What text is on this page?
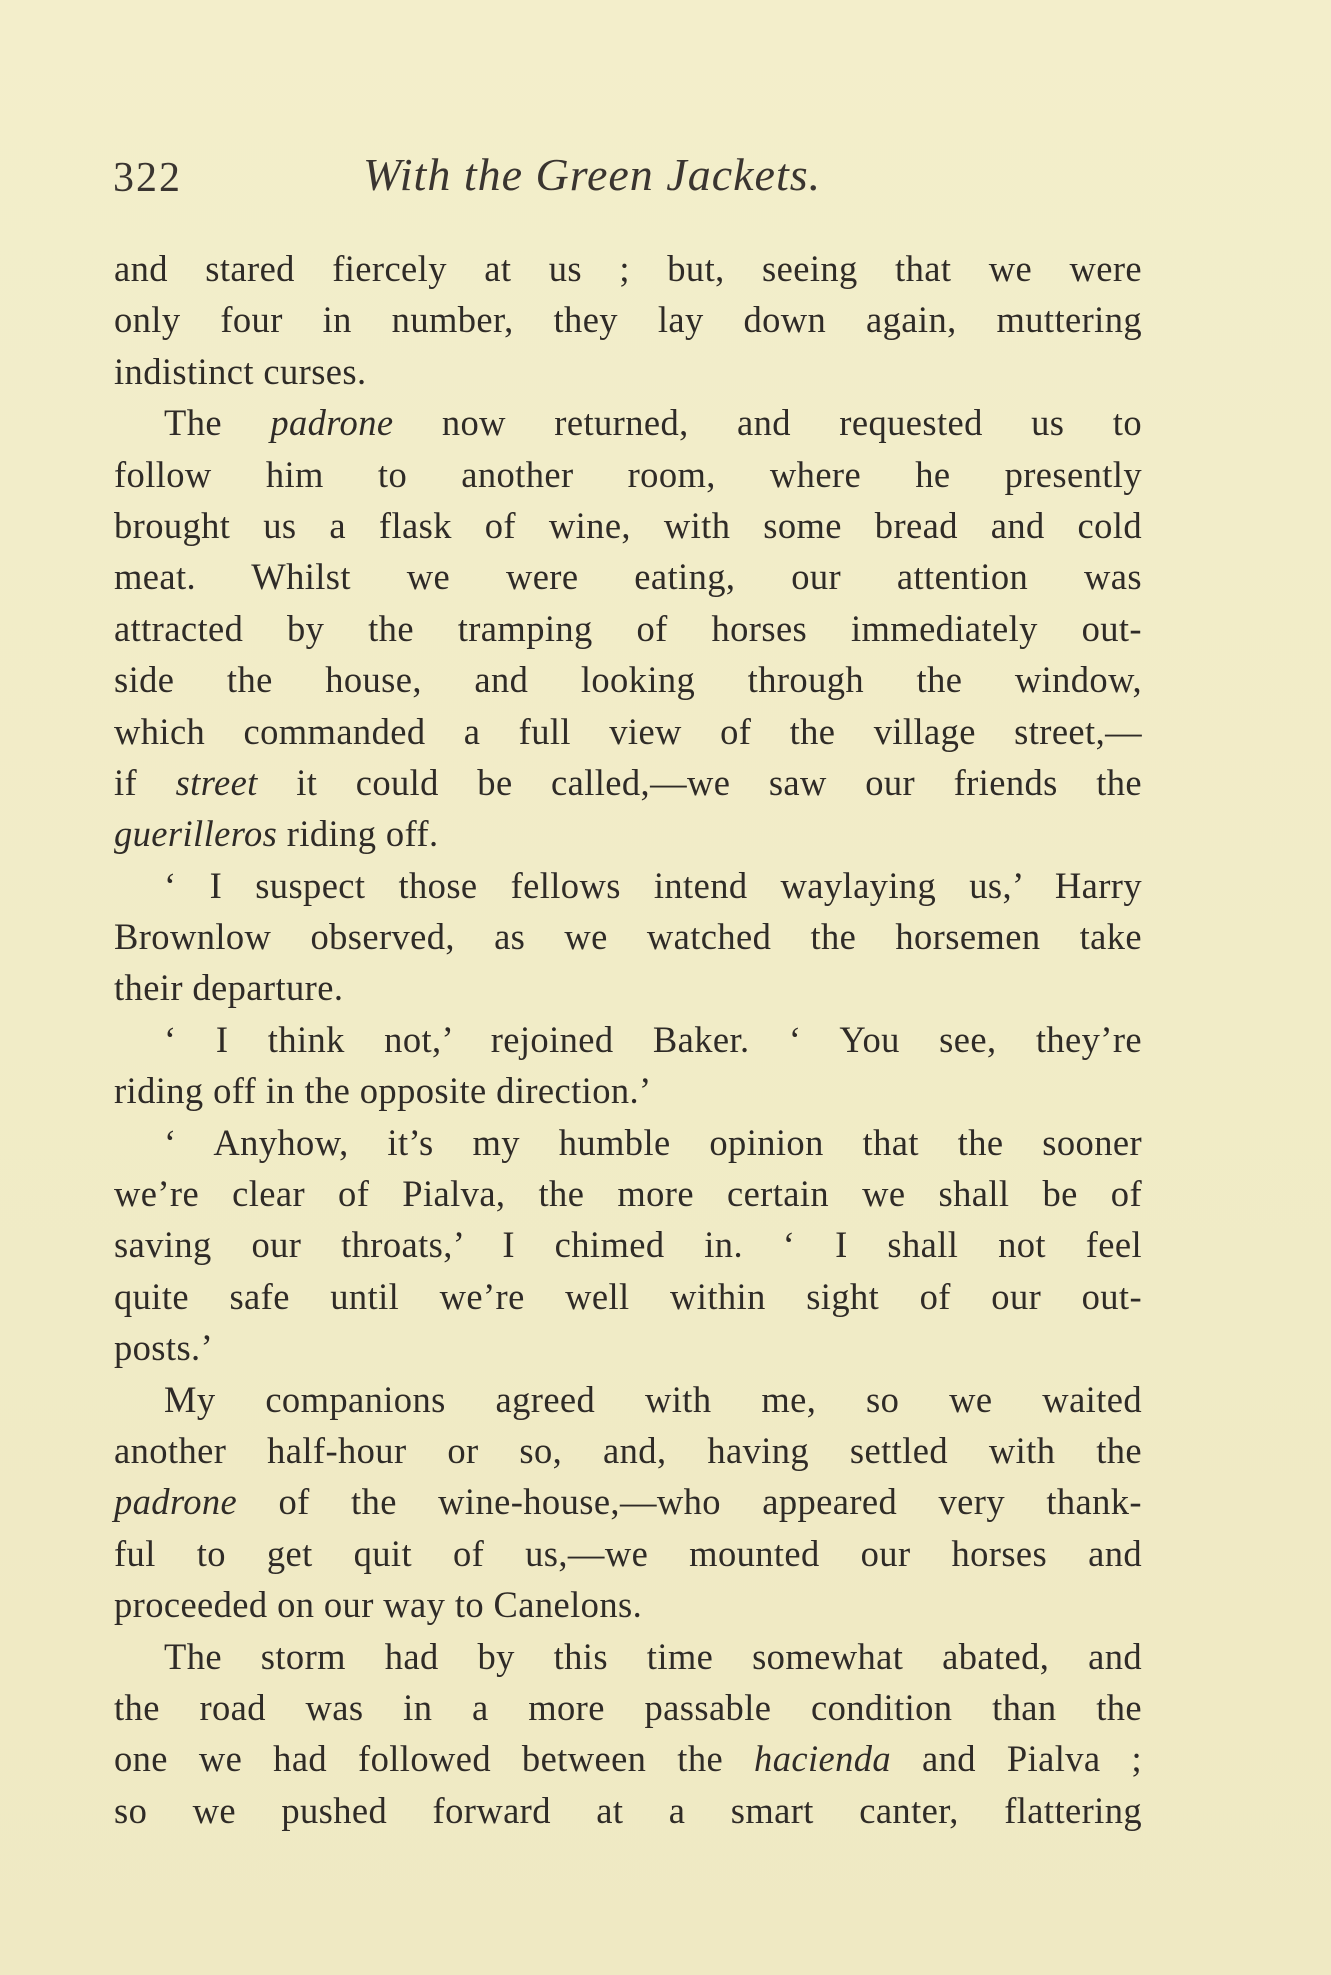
322	With the Green Jackets.
and stared fiercely at us ; but, seeing that we were
only four in number, they lay down again, muttering
indistinct curses.
The padrone now returned, and requested us to
follow him to another room, where he presently
brought us a flask of wine, with some bread and cold
meat. Whilst we were eating, our attention was
attracted by the tramping of horses immediately out-
side the house, and looking through the window,
which commanded a full view of the village street,—
if street it could be called,—we saw our friends the
guerilleros riding off.
‘ I suspect those fellows intend waylaying us,’ Harry
Brownlow observed, as we watched the horsemen take
their departure.
‘ I think not,’ rejoined Baker. ‘ You see, they’re
riding off in the opposite direction.’
‘ Anyhow, it’s my humble opinion that the sooner
we’re clear of Pialva, the more certain we shall be of
saving our throats,’ I chimed in. ‘ I shall not feel
quite safe until we’re well within sight of our out-
posts.’
My companions agreed with me, so we waited
another half-hour or so, and, having settled with the
padrone of the wine-house,—who appeared very thank-
ful to get quit of us,—we mounted our horses and
proceeded on our way to Canelons.
The storm had by this time somewhat abated, and
the road was in a more passable condition than the
one we had followed between the hacienda and Pialva ;
so we pushed forward at a smart canter, flattering
